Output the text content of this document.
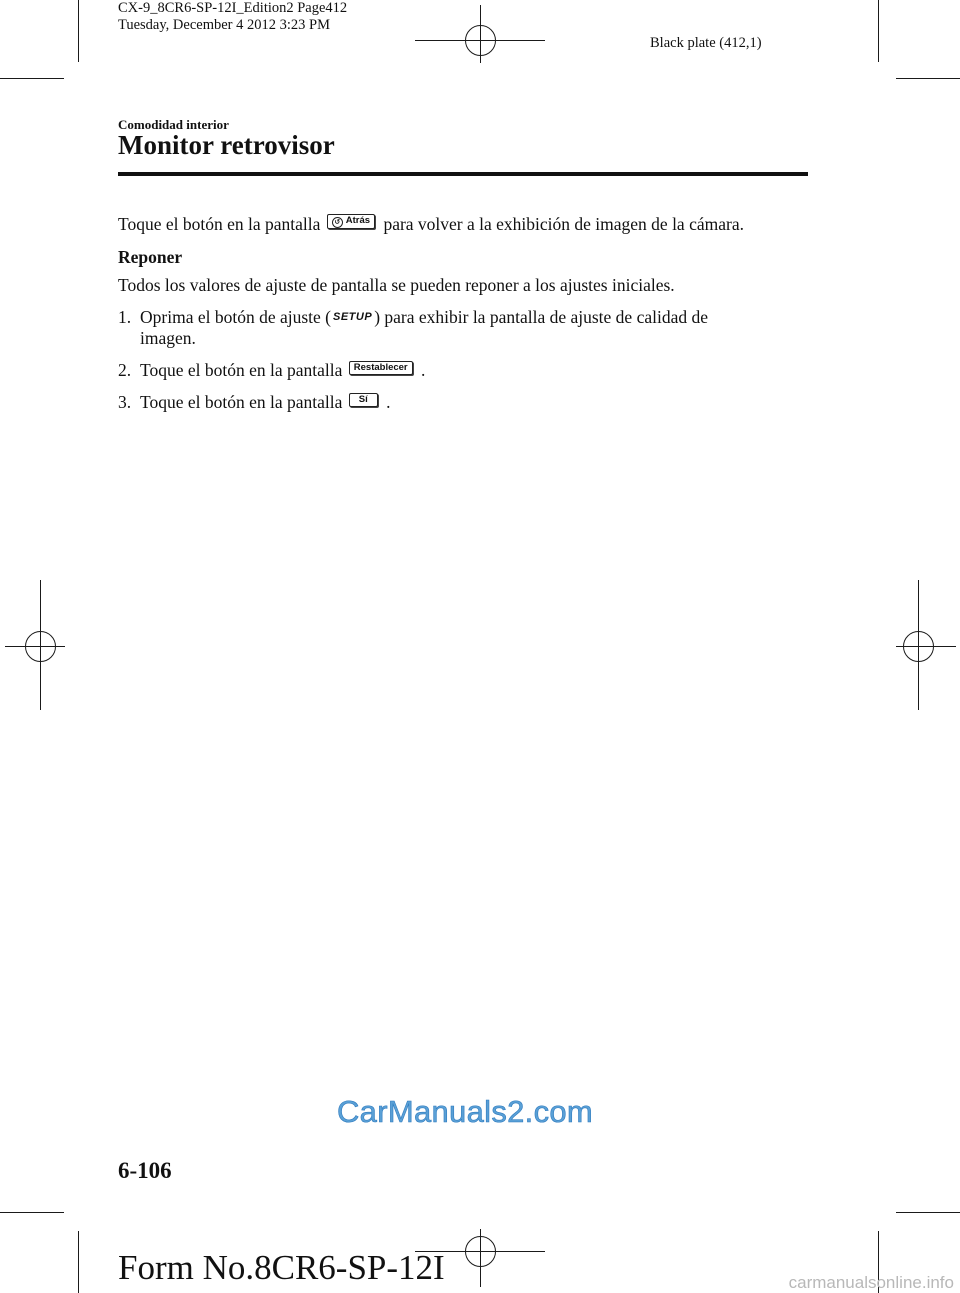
CX-9_8CR6-SP-12I_Edition2 Page412
Tuesday, December 4 2012 3:23 PM
Black plate (412,1)
Comodidad interior
Monitor retrovisor
Toque el botón en la pantalla ↺ Atrás para volver a la exhibición de imagen de la cámara.
Reponer
Todos los valores de ajuste de pantalla se pueden reponer a los ajustes iniciales.
1. Oprima el botón de ajuste ( SETUP ) para exhibir la pantalla de ajuste de calidad de
imagen.
2. Toque el botón en la pantalla Restablecer .
3. Toque el botón en la pantalla Sí .
CarManuals2.com
6-106
Form No.8CR6-SP-12I	carmanualsonline.info
